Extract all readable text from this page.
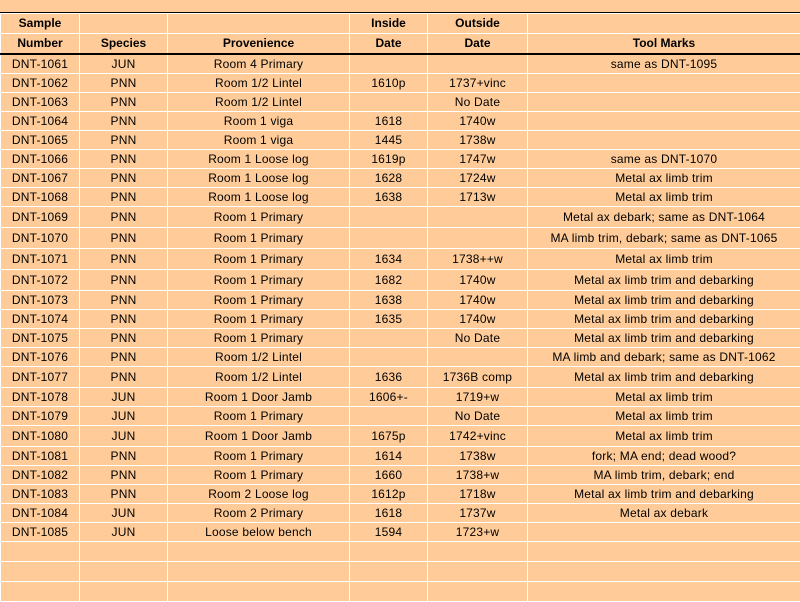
Sample			Inside	Outside	
Number	Species	Provenience	Date	Date	Tool Marks
DNT-1061	JUN	Room 4 Primary			same as DNT-1095
DNT-1062	PNN	Room 1/2 Lintel	1610p	1737+vinc	
DNT-1063	PNN	Room 1/2 Lintel		No Date	
DNT-1064	PNN	Room 1 viga	1618	1740w	
DNT-1065	PNN	Room 1 viga	1445	1738w	
DNT-1066	PNN	Room 1 Loose log	1619p	1747w	same as DNT-1070
DNT-1067	PNN	Room 1 Loose log	1628	1724w	Metal ax limb trim
DNT-1068	PNN	Room 1 Loose log	1638	1713w	Metal ax limb trim
DNT-1069	PNN	Room 1 Primary			Metal ax debark; same as DNT-1064
DNT-1070	PNN	Room 1 Primary			MA limb trim, debark; same as DNT-1065
DNT-1071	PNN	Room 1 Primary	1634	1738++w	Metal ax limb trim
DNT-1072	PNN	Room 1 Primary	1682	1740w	Metal ax limb trim and debarking
DNT-1073	PNN	Room 1 Primary	1638	1740w	Metal ax limb trim and debarking
DNT-1074	PNN	Room 1 Primary	1635	1740w	Metal ax limb trim and debarking
DNT-1075	PNN	Room 1 Primary		No Date	Metal ax limb trim and debarking
DNT-1076	PNN	Room 1/2 Lintel			MA limb and debark; same as DNT-1062
DNT-1077	PNN	Room 1/2 Lintel	1636	1736B comp	Metal ax limb trim and debarking
DNT-1078	JUN	Room 1 Door Jamb	1606+-	1719+w	Metal ax limb trim
DNT-1079	JUN	Room 1 Primary		No Date	Metal ax limb trim
DNT-1080	JUN	Room 1 Door Jamb	1675p	1742+vinc	Metal ax limb trim
DNT-1081	PNN	Room 1 Primary	1614	1738w	fork; MA end; dead wood?
DNT-1082	PNN	Room 1 Primary	1660	1738+w	MA limb trim, debark; end
DNT-1083	PNN	Room 2 Loose log	1612p	1718w	Metal ax limb trim and debarking
DNT-1084	JUN	Room 2 Primary	1618	1737w	Metal ax debark
DNT-1085	JUN	Loose below bench	1594	1723+w	
